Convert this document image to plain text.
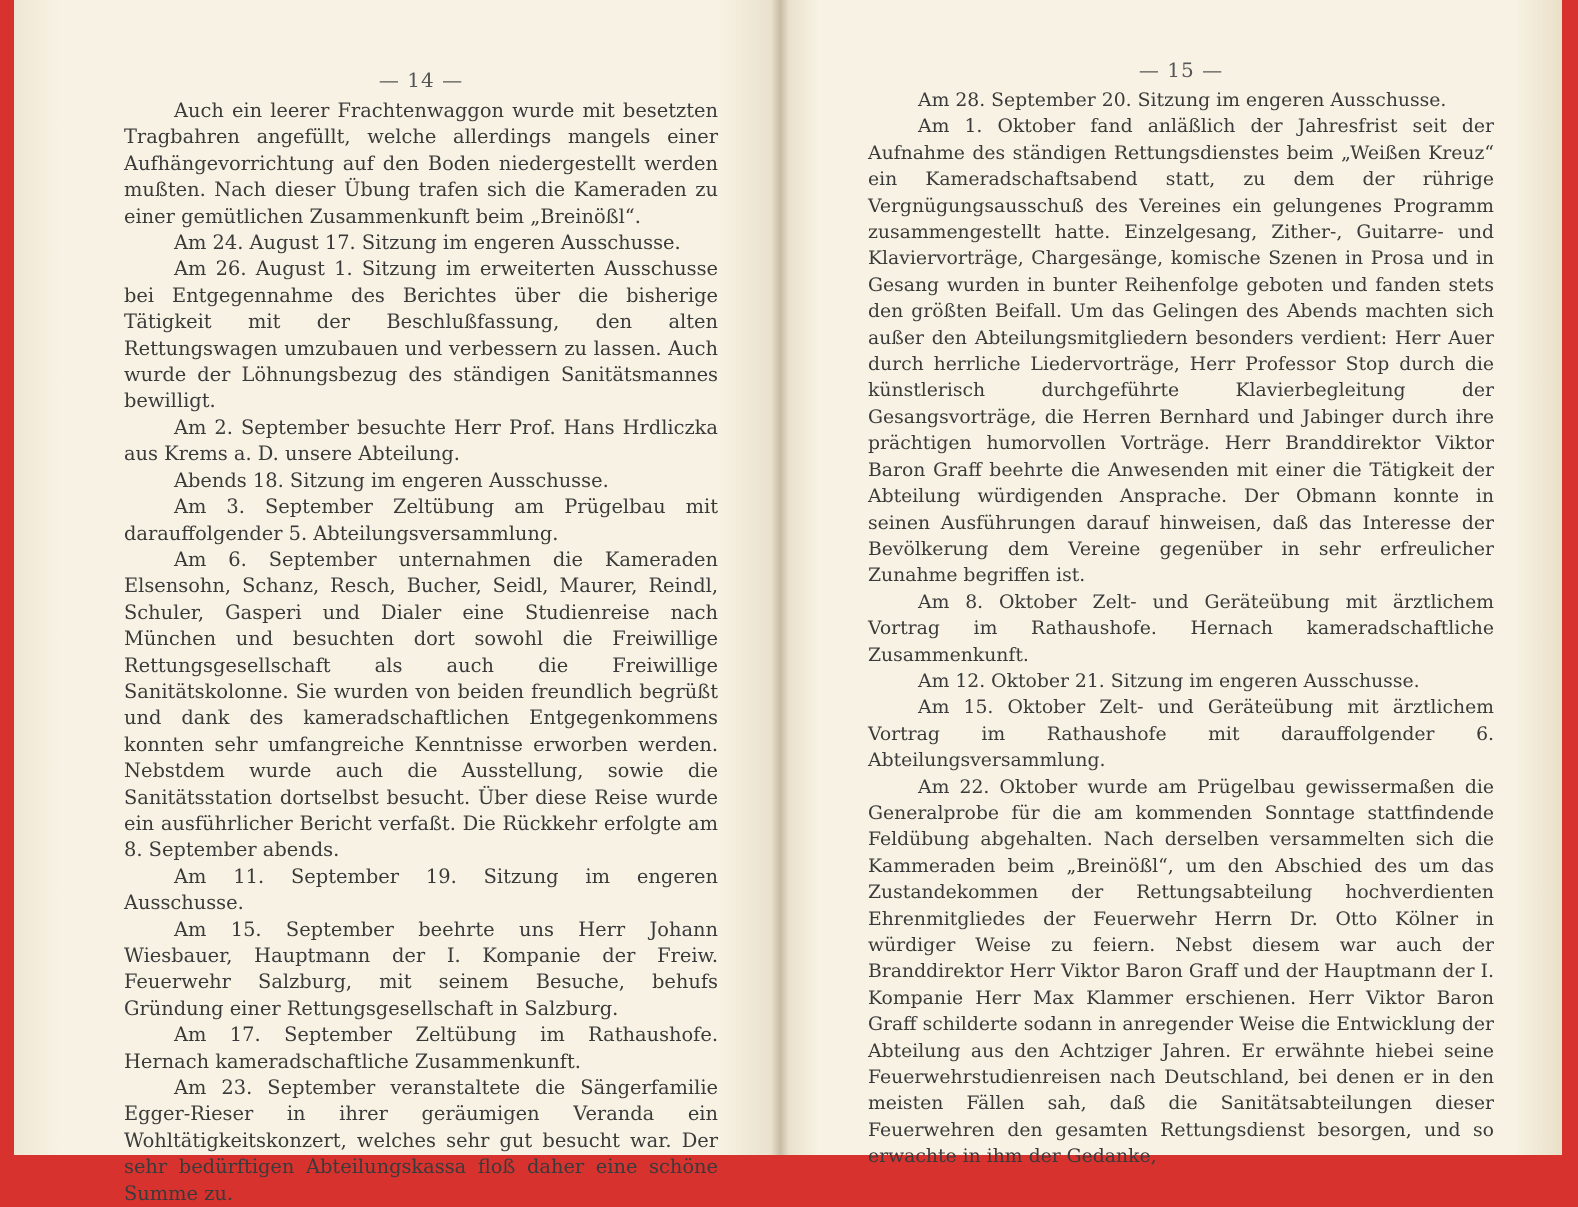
— 14 —

Auch ein leerer Frachtenwaggon wurde mit besetzten Tragbahren angefüllt, welche allerdings mangels einer Aufhängevorrichtung auf den Boden niedergestellt werden mußten. Nach dieser Übung trafen sich die Kameraden zu einer gemütlichen Zusammenkunft beim „Breinößl“.

Am 24. August 17. Sitzung im engeren Ausschusse.

Am 26. August 1. Sitzung im erweiterten Ausschusse bei Entgegennahme des Berichtes über die bisherige Tätigkeit mit der Beschlußfassung, den alten Rettungswagen umzubauen und verbessern zu lassen. Auch wurde der Löhnungsbezug des ständigen Sanitätsmannes bewilligt.

Am 2. September besuchte Herr Prof. Hans Hrdliczka aus Krems a. D. unsere Abteilung.

Abends 18. Sitzung im engeren Ausschusse.

Am 3. September Zeltübung am Prügelbau mit darauffolgender 5. Abteilungsversammlung.

Am 6. September unternahmen die Kameraden Elsensohn, Schanz, Resch, Bucher, Seidl, Maurer, Reindl, Schuler, Gasperi und Dialer eine Studienreise nach München und besuchten dort sowohl die Freiwillige Rettungsgesellschaft als auch die Freiwillige Sanitätskolonne. Sie wurden von beiden freundlich begrüßt und dank des kameradschaftlichen Entgegenkommens konnten sehr umfangreiche Kenntnisse erworben werden. Nebstdem wurde auch die Ausstellung, sowie die Sanitätsstation dortselbst besucht. Über diese Reise wurde ein ausführlicher Bericht verfaßt. Die Rückkehr erfolgte am 8. September abends.

Am 11. September 19. Sitzung im engeren Ausschusse.

Am 15. September beehrte uns Herr Johann Wiesbauer, Hauptmann der I. Kompanie der Freiw. Feuerwehr Salzburg, mit seinem Besuche, behufs Gründung einer Rettungsgesellschaft in Salzburg.

Am 17. September Zeltübung im Rathaushofe. Hernach kameradschaftliche Zusammenkunft.

Am 23. September veranstaltete die Sängerfamilie Egger-Rieser in ihrer geräumigen Veranda ein Wohltätigkeitskonzert, welches sehr gut besucht war. Der sehr bedürftigen Abteilungskassa floß daher eine schöne Summe zu.

— 15 —

Am 28. September 20. Sitzung im engeren Ausschusse.

Am 1. Oktober fand anläßlich der Jahresfrist seit der Aufnahme des ständigen Rettungsdienstes beim „Weißen Kreuz“ ein Kameradschaftsabend statt, zu dem der rührige Vergnügungsausschuß des Vereines ein gelungenes Programm zusammengestellt hatte. Einzelgesang, Zither-, Guitarre- und Klaviervorträge, Chargesänge, komische Szenen in Prosa und in Gesang wurden in bunter Reihenfolge geboten und fanden stets den größten Beifall. Um das Gelingen des Abends machten sich außer den Abteilungsmitgliedern besonders verdient: Herr Auer durch herrliche Liedervorträge, Herr Professor Stop durch die künstlerisch durchgeführte Klavierbegleitung der Gesangsvorträge, die Herren Bernhard und Jabinger durch ihre prächtigen humorvollen Vorträge. Herr Branddirektor Viktor Baron Graff beehrte die Anwesenden mit einer die Tätigkeit der Abteilung würdigenden Ansprache. Der Obmann konnte in seinen Ausführungen darauf hinweisen, daß das Interesse der Bevölkerung dem Vereine gegenüber in sehr erfreulicher Zunahme begriffen ist.

Am 8. Oktober Zelt- und Geräteübung mit ärztlichem Vortrag im Rathaushofe. Hernach kameradschaftliche Zusammenkunft.

Am 12. Oktober 21. Sitzung im engeren Ausschusse.

Am 15. Oktober Zelt- und Geräteübung mit ärztlichem Vortrag im Rathaushofe mit darauffolgender 6. Abteilungsversammlung.

Am 22. Oktober wurde am Prügelbau gewissermaßen die Generalprobe für die am kommenden Sonntage stattfindende Feldübung abgehalten. Nach derselben versammelten sich die Kammeraden beim „Breinößl“, um den Abschied des um das Zustandekommen der Rettungsabteilung hochverdienten Ehrenmitgliedes der Feuerwehr Herrn Dr. Otto Kölner in würdiger Weise zu feiern. Nebst diesem war auch der Branddirektor Herr Viktor Baron Graff und der Hauptmann der I. Kompanie Herr Max Klammer erschienen. Herr Viktor Baron Graff schilderte sodann in anregender Weise die Entwicklung der Abteilung aus den Achtziger Jahren. Er erwähnte hiebei seine Feuerwehrstudienreisen nach Deutschland, bei denen er in den meisten Fällen sah, daß die Sanitätsabteilungen dieser Feuerwehren den gesamten Rettungsdienst besorgen, und so erwachte in ihm der Gedanke,
